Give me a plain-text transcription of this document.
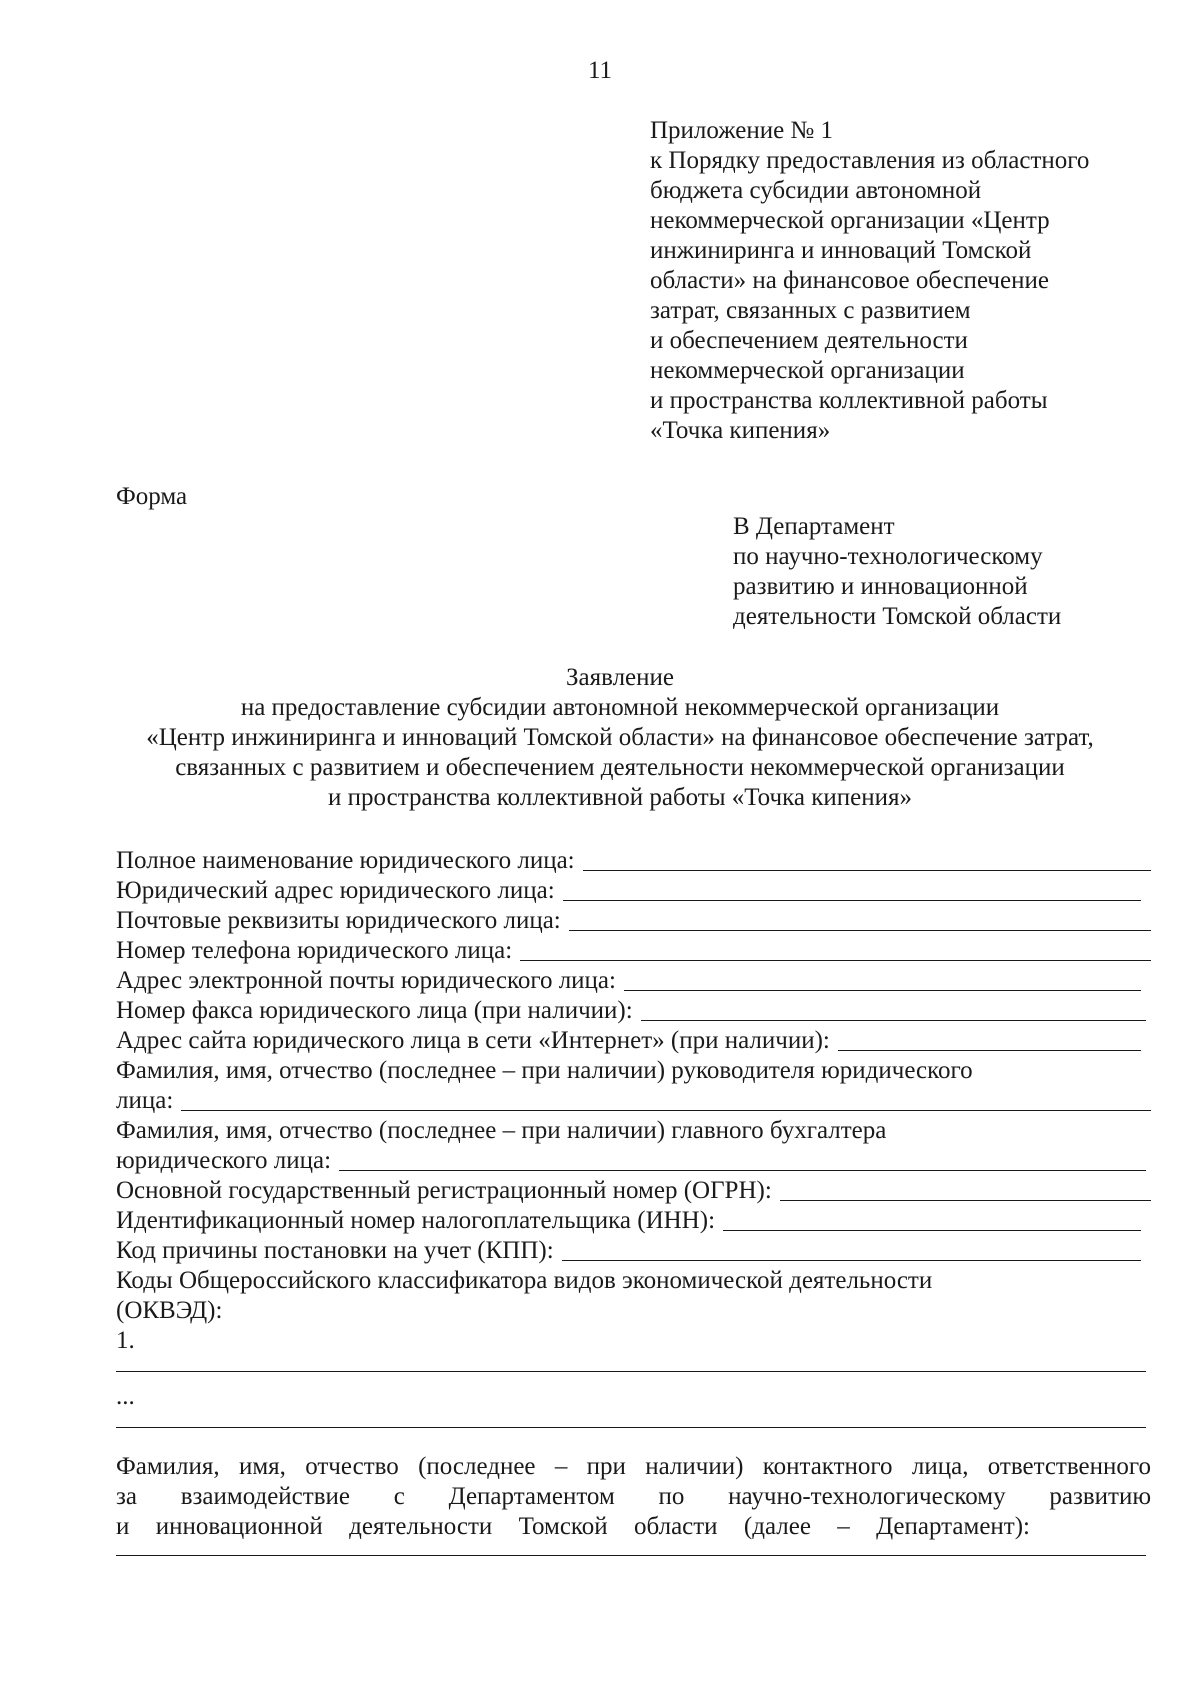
11
Приложение № 1
к Порядку предоставления из областного
бюджета субсидии автономной
некоммерческой организации «Центр
инжиниринга и инноваций Томской
области» на финансовое обеспечение
затрат, связанных с развитием
и обеспечением деятельности
некоммерческой организации
и пространства коллективной работы
«Точка кипения»
Форма
В Департамент
по научно-технологическому
развитию и инновационной
деятельности Томской области
Заявление
на предоставление субсидии автономной некоммерческой организации
«Центр инжиниринга и инноваций Томской области» на финансовое обеспечение затрат,
связанных с развитием и обеспечением деятельности некоммерческой организации
и пространства коллективной работы «Точка кипения»
Полное наименование юридического лица:
Юридический адрес юридического лица:
Почтовые реквизиты юридического лица:
Номер телефона юридического лица:
Адрес электронной почты юридического лица:
Номер факса юридического лица (при наличии):
Адрес сайта юридического лица в сети «Интернет» (при наличии):
Фамилия, имя, отчество (последнее – при наличии) руководителя юридического
лица:
Фамилия, имя, отчество (последнее – при наличии) главного бухгалтера
юридического лица:
Основной государственный регистрационный номер (ОГРН):
Идентификационный номер налогоплательщика (ИНН):
Код причины постановки на учет (КПП):
Коды Общероссийского классификатора видов экономической деятельности
(ОКВЭД):
1.
...
Фамилия, имя, отчество (последнее – при наличии) контактного лица, ответственного
за взаимодействие с Департаментом по научно-технологическому развитию
и инновационной деятельности Томской области (далее – Департамент):
